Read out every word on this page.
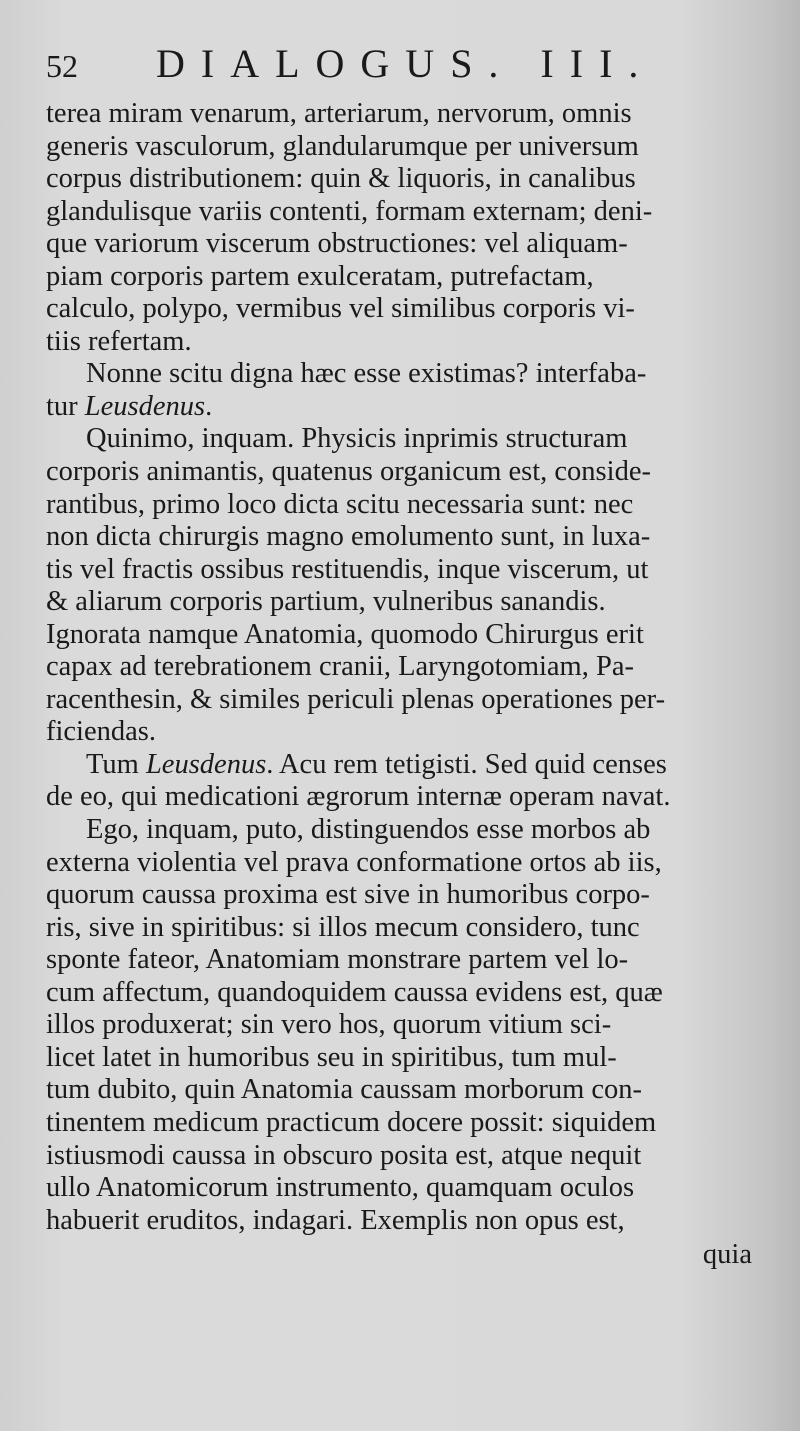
52	DIALOGUS. III.

terea miram venarum, arteriarum, nervorum, omnis
generis vasculorum, glandularumque per universum
corpus distributionem: quin & liquoris, in canalibus
glandulisque variis contenti, formam externam; deni-
que variorum viscerum obstructiones: vel aliquam-
piam corporis partem exulceratam, putrefactam,
calculo, polypo, vermibus vel similibus corporis vi-
tiis refertam.

Nonne scitu digna hæc esse existimas? interfaba-
tur Leusdenus.

Quinimo, inquam. Physicis inprimis structuram
corporis animantis, quatenus organicum est, conside-
rantibus, primo loco dicta scitu necessaria sunt: nec
non dicta chirurgis magno emolumento sunt, in luxa-
tis vel fractis ossibus restituendis, inque viscerum, ut
& aliarum corporis partium, vulneribus sanandis.
Ignorata namque Anatomia, quomodo Chirurgus erit
capax ad terebrationem cranii, Laryngotomiam, Pa-
racenthesin, & similes periculi plenas operationes per-
ficiendas.

Tum Leusdenus. Acu rem tetigisti. Sed quid censes
de eo, qui medicationi ægrorum internæ operam navat.

Ego, inquam, puto, distinguendos esse morbos ab
externa violentia vel prava conformatione ortos ab iis,
quorum caussa proxima est sive in humoribus corpo-
ris, sive in spiritibus: si illos mecum considero, tunc
sponte fateor, Anatomiam monstrare partem vel lo-
cum affectum, quandoquidem caussa evidens est, quæ
illos produxerat; sin vero hos, quorum vitium sci-
licet latet in humoribus seu in spiritibus, tum mul-
tum dubito, quin Anatomia caussam morborum con-
tinentem medicum practicum docere possit: siquidem
istiusmodi caussa in obscuro posita est, atque nequit
ullo Anatomicorum instrumento, quamquam oculos
habuerit eruditos, indagari. Exemplis non opus est,

quia
